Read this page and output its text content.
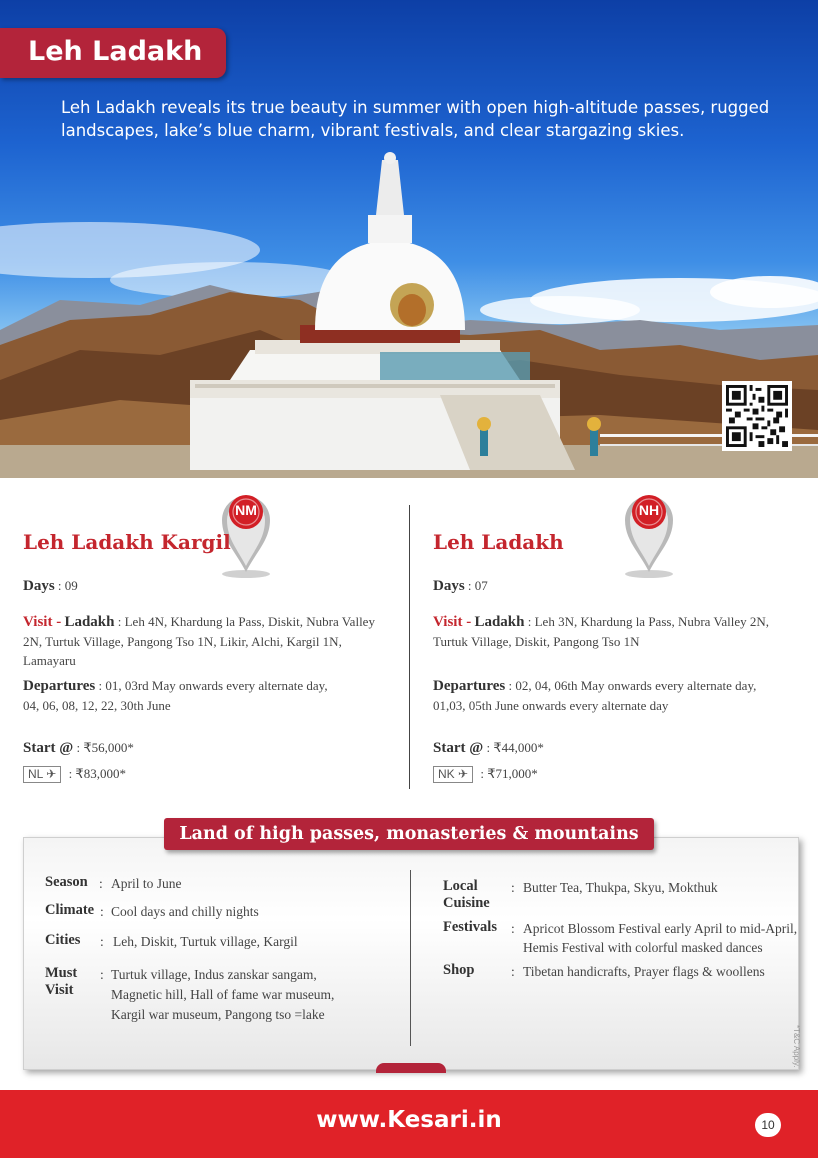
Leh Ladakh
Leh Ladakh reveals its true beauty in summer with open high-altitude passes, rugged landscapes, lake’s blue charm, vibrant festivals, and clear stargazing skies.
NM
Leh Ladakh Kargil
Days : 09
Visit - Ladakh : Leh 4N, Khardung la Pass, Diskit, Nubra Valley 2N, Turtuk Village, Pangong Tso 1N, Likir, Alchi, Kargil 1N, Lamayaru
Departures : 01, 03rd May onwards every alternate day,
04, 06, 08, 12, 22, 30th June
Start @ : ₹56,000*
NL ✈ : ₹83,000*
NH
Leh Ladakh
Days : 07
Visit - Ladakh : Leh 3N, Khardung la Pass, Nubra Valley 2N, Turtuk Village, Diskit, Pangong Tso 1N
Departures : 02, 04, 06th May onwards every alternate day,
01,03, 05th June onwards every alternate day
Start @ : ₹44,000*
NK ✈ : ₹71,000*
Land of high passes, monasteries & mountains
Season : April to June
Climate : Cool days and chilly nights
Cities : Leh, Diskit, Turtuk village, Kargil
Must
Visit
: Turtuk village, Indus zanskar sangam,
Magnetic hill, Hall of fame war museum,
Kargil war museum, Pangong tso =lake
Local
Cuisine
: Butter Tea, Thukpa, Skyu, Mokthuk
Festivals : Apricot Blossom Festival early April to mid-April,
Hemis Festival with colorful masked dances
Shop	: Tibetan handicrafts, Prayer flags & woollens
*T&C Apply.
www.Kesari.in	10
